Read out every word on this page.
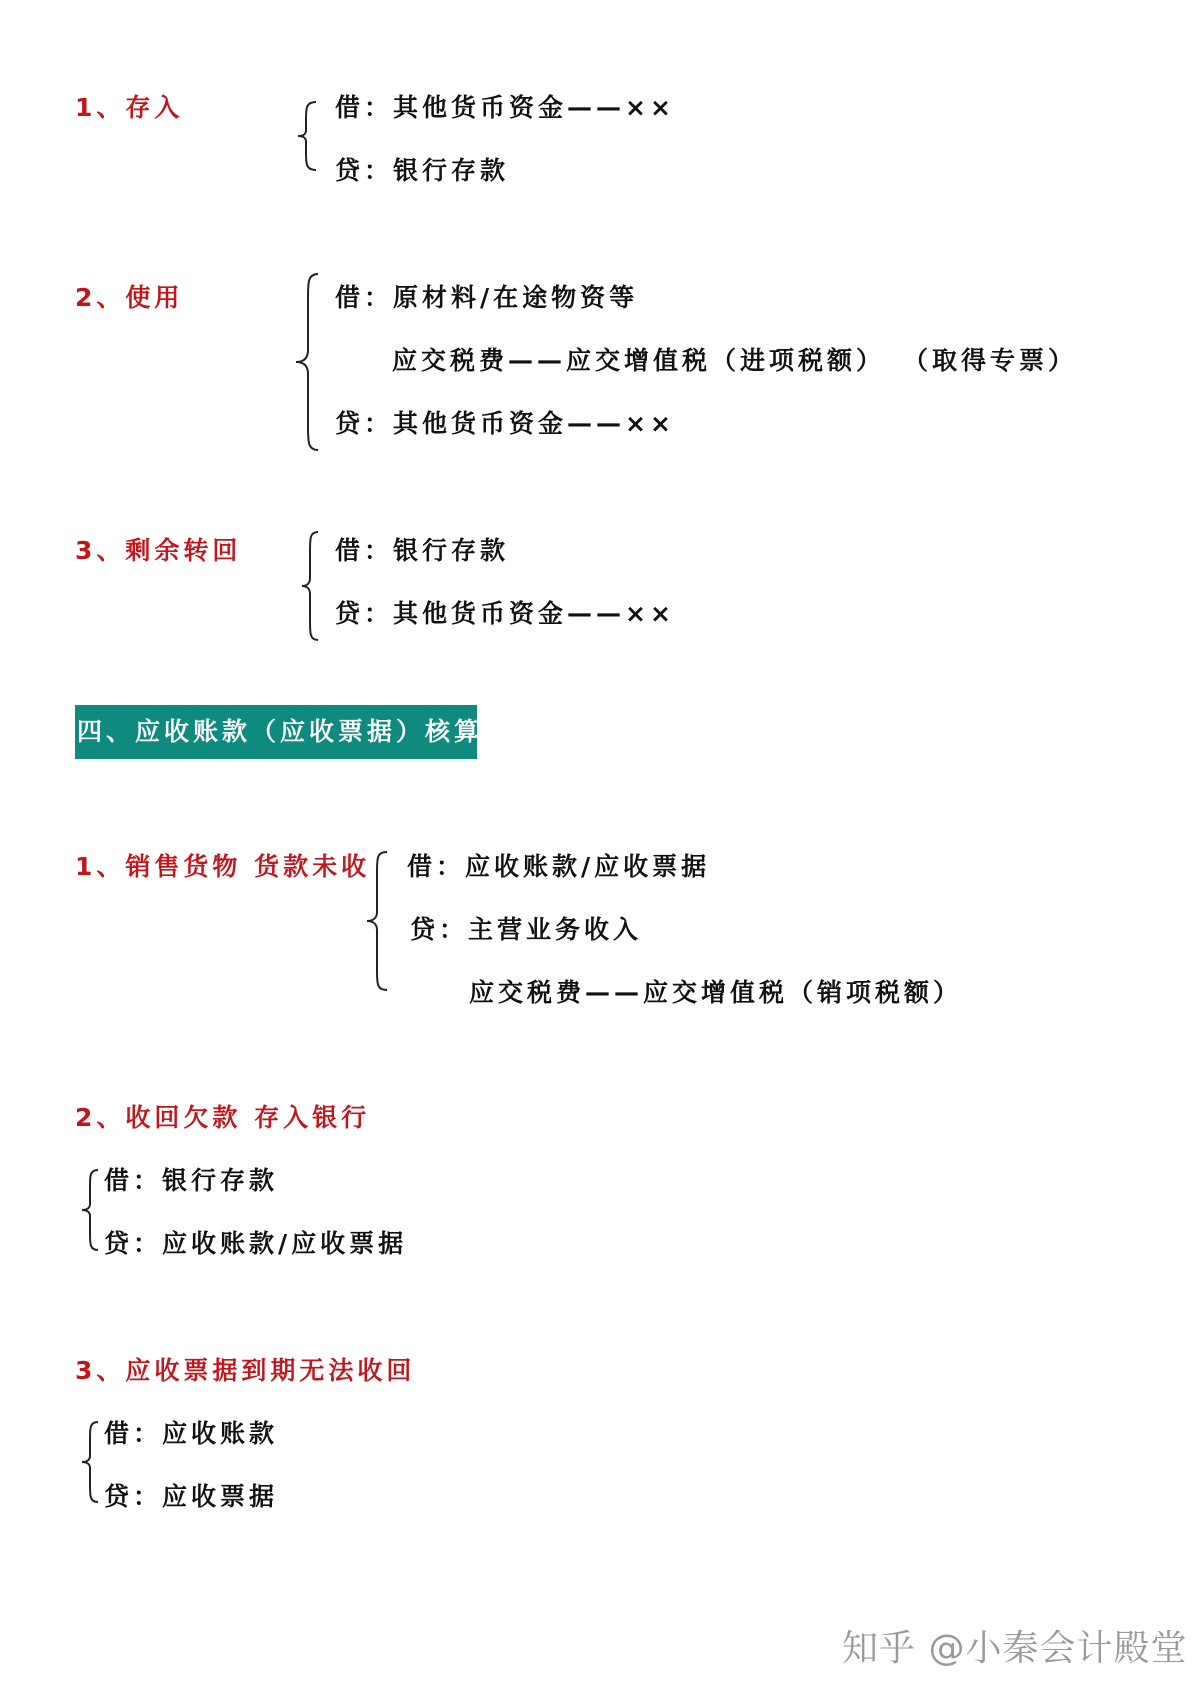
1、存入	借：其他货币资金——××
贷：银行存款
2、使用	借：原材料/在途物资等
应交税费——应交增值税（进项税额） （取得专票）
贷：其他货币资金——××
3、剩余转回	借：银行存款
贷：其他货币资金——××
四、应收账款（应收票据）核算
1、销售货物 货款未收 借：应收账款/应收票据
贷：主营业务收入
应交税费——应交增值税（销项税额）
2、收回欠款 存入银行
借：银行存款
贷：应收账款/应收票据
3、应收票据到期无法收回
借：应收账款
贷：应收票据
知乎 @小秦会计殿堂
